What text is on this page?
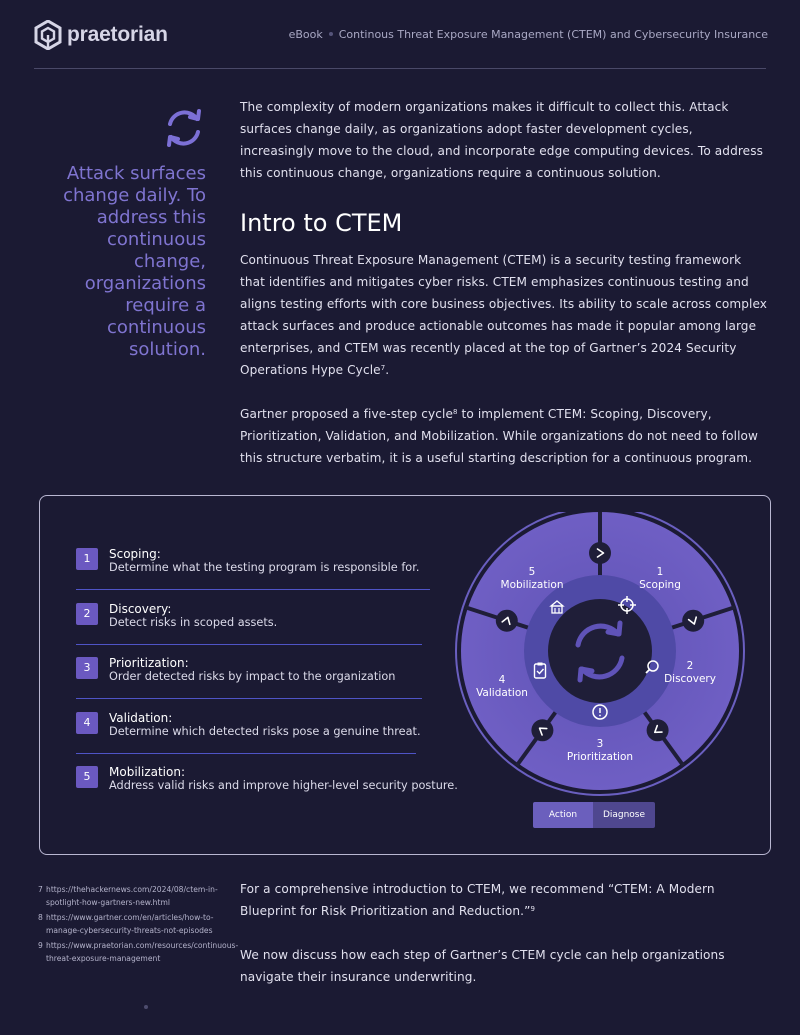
praetorian	eBook Continous Threat Exposure Management (CTEM) and Cybersecurity Insurance
Attack surfaces change daily. To address this continuous change, organizations require a continuous solution.

The complexity of modern organizations makes it difficult to collect this. Attack surfaces change daily, as organizations adopt faster development cycles, increasingly move to the cloud, and incorporate edge computing devices. To address this continuous change, organizations require a continuous solution.

Intro to CTEM

Continuous Threat Exposure Management (CTEM) is a security testing framework that identifies and mitigates cyber risks. CTEM emphasizes continuous testing and aligns testing efforts with core business objectives. Its ability to scale across complex attack surfaces and produce actionable outcomes has made it popular among large enterprises, and CTEM was recently placed at the top of Gartner’s 2024 Security Operations Hype Cycle$^7$.

Gartner proposed a five-step cycle$^8$ to implement CTEM: Scoping, Discovery, Prioritization, Validation, and Mobilization. While organizations do not need to follow this structure verbatim, it is a useful starting description for a continuous program.

1	Scoping:
Determine what the testing program is responsible for.
2	Discovery:
Detect risks in scoped assets.
3	Prioritization:
Order detected risks by impact to the organization
4	Validation:
Determine which detected risks pose a genuine threat.
5	Mobilization:
Address valid risks and improve higher-level security posture.
1
Scoping
2
Discovery
3
Prioritization
4
Validation
5
Mobilization
Action	Diagnose
7 https://thehackernews.com/2024/08/ctem-in-spotlight-how-gartners-new.html
8 https://www.gartner.com/en/articles/how-to-manage-cybersecurity-threats-not-episodes
9 https://www.praetorian.com/resources/continuous-threat-exposure-management

For a comprehensive introduction to CTEM, we recommend “CTEM: A Modern Blueprint for Risk Prioritization and Reduction.”$^9$

We now discuss how each step of Gartner’s CTEM cycle can help organizations navigate their insurance underwriting.
